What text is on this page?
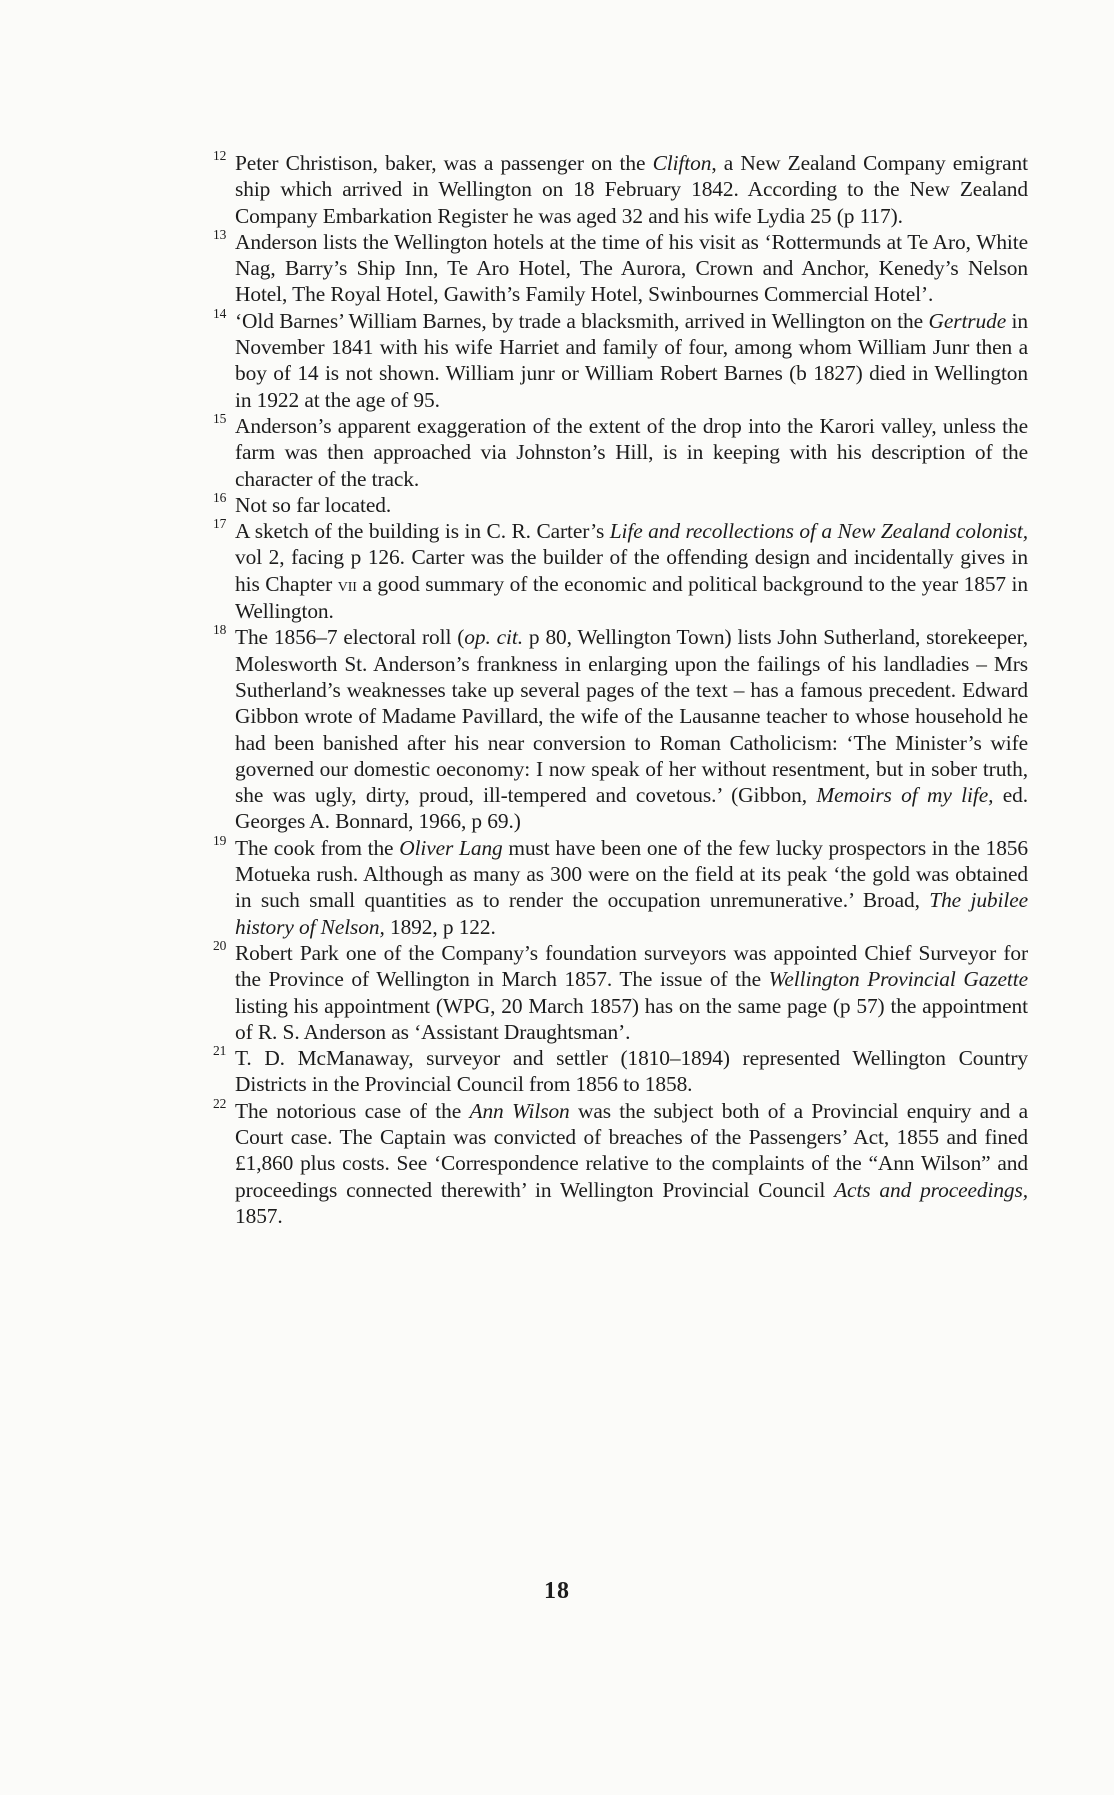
12 Peter Christison, baker, was a passenger on the Clifton, a New Zealand Company emigrant ship which arrived in Wellington on 18 February 1842. According to the New Zealand Company Embarkation Register he was aged 32 and his wife Lydia 25 (p 117).
13 Anderson lists the Wellington hotels at the time of his visit as ‘Rottermunds at Te Aro, White Nag, Barry’s Ship Inn, Te Aro Hotel, The Aurora, Crown and Anchor, Kenedy’s Nelson Hotel, The Royal Hotel, Gawith’s Family Hotel, Swinbournes Commercial Hotel’.
14 ‘Old Barnes’ William Barnes, by trade a blacksmith, arrived in Wellington on the Gertrude in November 1841 with his wife Harriet and family of four, among whom William Junr then a boy of 14 is not shown. William junr or William Robert Barnes (b 1827) died in Wellington in 1922 at the age of 95.
15 Anderson’s apparent exaggeration of the extent of the drop into the Karori valley, unless the farm was then approached via Johnston’s Hill, is in keeping with his description of the character of the track.
16 Not so far located.
17 A sketch of the building is in C. R. Carter’s Life and recollections of a New Zealand colonist, vol 2, facing p 126. Carter was the builder of the offending design and incidentally gives in his Chapter vii a good summary of the economic and political background to the year 1857 in Wellington.
18 The 1856–7 electoral roll (op. cit. p 80, Wellington Town) lists John Sutherland, storekeeper, Molesworth St. Anderson’s frankness in enlarging upon the failings of his landladies – Mrs Sutherland’s weaknesses take up several pages of the text – has a famous precedent. Edward Gibbon wrote of Madame Pavillard, the wife of the Lausanne teacher to whose household he had been banished after his near conversion to Roman Catholicism: ‘The Minister’s wife governed our domestic oeconomy: I now speak of her without resentment, but in sober truth, she was ugly, dirty, proud, ill-tempered and covetous.’ (Gibbon, Memoirs of my life, ed. Georges A. Bonnard, 1966, p 69.)
19 The cook from the Oliver Lang must have been one of the few lucky prospectors in the 1856 Motueka rush. Although as many as 300 were on the field at its peak ‘the gold was obtained in such small quantities as to render the occupation unremunerative.’ Broad, The jubilee history of Nelson, 1892, p 122.
20 Robert Park one of the Company’s foundation surveyors was appointed Chief Surveyor for the Province of Wellington in March 1857. The issue of the Wellington Provincial Gazette listing his appointment (WPG, 20 March 1857) has on the same page (p 57) the appointment of R. S. Anderson as ‘Assistant Draughtsman’.
21 T. D. McManaway, surveyor and settler (1810–1894) represented Wellington Country Districts in the Provincial Council from 1856 to 1858.
22 The notorious case of the Ann Wilson was the subject both of a Provincial enquiry and a Court case. The Captain was convicted of breaches of the Passengers’ Act, 1855 and fined £1,860 plus costs. See ‘Correspondence relative to the complaints of the “Ann Wilson” and proceedings connected therewith’ in Wellington Provincial Council Acts and proceedings, 1857.
18
